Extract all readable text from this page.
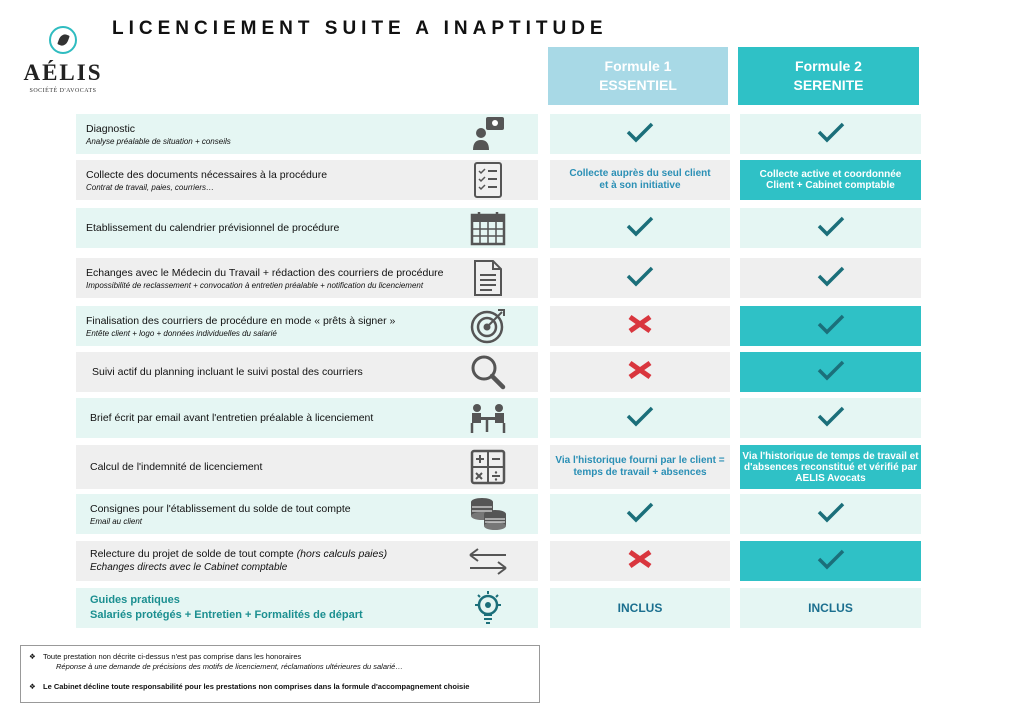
AÉLIS
SOCIÉTÉ D'AVOCATS
LICENCIEMENT SUITE A INAPTITUDE
Formule 1
ESSENTIEL
Formule 2
SERENITE
Diagnostic
Analyse préalable de situation + conseils
Collecte des documents nécessaires à la procédure
Contrat de travail, paies, courriers…
Collecte auprès du seul client et à son initiative
Collecte active et coordonnée Client + Cabinet comptable
Etablissement du calendrier prévisionnel de procédure
Echanges avec le Médecin du Travail + rédaction des courriers de procédure
Impossibilité de reclassement + convocation à entretien préalable + notification du licenciement
Finalisation des courriers de procédure en mode « prêts à signer »
Entête client + logo + données individuelles du salarié
Suivi actif du planning incluant le suivi postal des courriers
Brief écrit par email avant l'entretien préalable à licenciement
Calcul de l'indemnité de licenciement
Via l'historique fourni par le client = temps de travail + absences
Via l'historique de temps de travail et d'absences reconstitué et vérifié par AELIS Avocats
Consignes pour l'établissement du solde de tout compte
Email au client
Relecture du projet de solde de tout compte (hors calculs paies)
Echanges directs avec le Cabinet comptable
Guides pratiques
Salariés protégés + Entretien + Formalités de départ	INCLUS	INCLUS
❖ Toute prestation non décrite ci-dessus n'est pas comprise dans les honoraires
Réponse à une demande de précisions des motifs de licenciement, réclamations ultérieures du salarié…
❖ Le Cabinet décline toute responsabilité pour les prestations non comprises dans la formule d'accompagnement choisie
